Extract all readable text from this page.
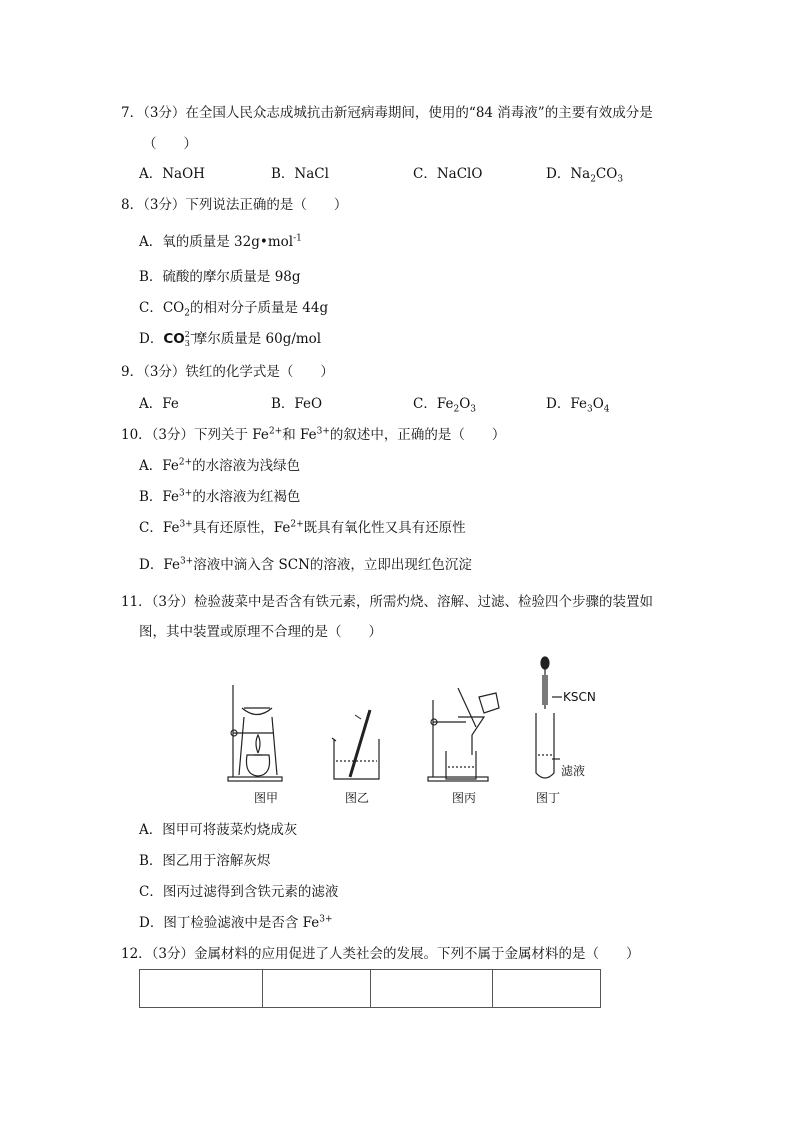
7．（3分）在全国人民众志成城抗击新冠病毒期间，使用的“84 消毒液”的主要有效成分是
（　　）
A．NaOH	B．NaCl	C．NaClO	D．$Na_2CO_3$
8．（3分）下列说法正确的是（　　）
A．氧的质量是 32g•mol$^{-1}$
B．硫酸的摩尔质量是 98g
C．$CO_2$的相对分子质量是 44g
D．CO 2−
3 摩尔质量是 60g/mol
9．（3分）铁红的化学式是（　　）
A．Fe	B．FeO	C．$Fe_2O_3$	D．$Fe_3O_4$
10．（3分）下列关于 $Fe^{2+}$和 $Fe^{3+}$的叙述中，正确的是（　　）
A．$Fe^{2+}$的水溶液为浅绿色
B．$Fe^{3+}$的水溶液为红褐色
C．$Fe^{3+}$具有还原性，$Fe^{2+}$既具有氧化性又具有还原性
D．$Fe^{3+}$溶液中滴入含 SCN的溶液，立即出现红色沉淀
11．（3分）检验菠菜中是否含有铁元素，所需灼烧、溶解、过滤、检验四个步骤的装置如
图，其中装置或原理不合理的是（　　）
KSCN
滤液
图甲	图乙	图丙	图丁
A．图甲可将菠菜灼烧成灰
B．图乙用于溶解灰烬
C．图丙过滤得到含铁元素的滤液
D．图丁检验滤液中是否含 $Fe^{3+}$
12．（3分）金属材料的应用促进了人类社会的发展。下列不属于金属材料的是（　　）
